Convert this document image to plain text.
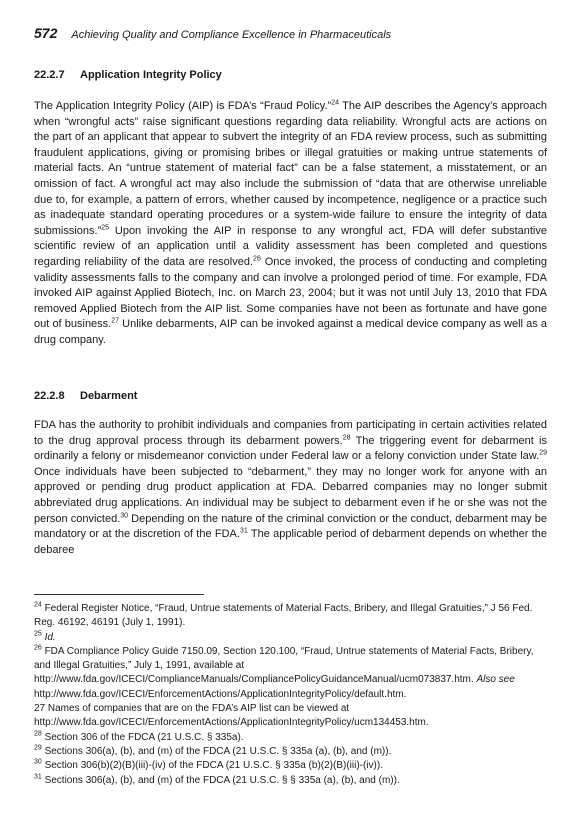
572 Achieving Quality and Compliance Excellence in Pharmaceuticals
22.2.7 Application Integrity Policy
The Application Integrity Policy (AIP) is FDA’s “Fraud Policy.”$^{24}$ The AIP describes the Agency’s approach when “wrongful acts” raise significant questions regarding data reliability. Wrongful acts are actions on the part of an applicant that appear to subvert the integrity of an FDA review process, such as submitting fraudulent applications, giving or promising bribes or illegal gratuities or making untrue statements of material facts. An “untrue statement of material fact” can be a false statement, a misstatement, or an omission of fact. A wrongful act may also include the submission of “data that are otherwise unreliable due to, for example, a pattern of errors, whether caused by incompetence, negligence or a practice such as inadequate standard operating procedures or a system-wide failure to ensure the integrity of data submissions.”$^{25}$ Upon invoking the AIP in response to any wrongful act, FDA will defer substantive scientific review of an application until a validity assessment has been completed and questions regarding reliability of the data are resolved.$^{26}$ Once invoked, the process of conducting and completing validity assessments falls to the company and can involve a prolonged period of time. For example, FDA invoked AIP against Applied Biotech, Inc. on March 23, 2004; but it was not until July 13, 2010 that FDA removed Applied Biotech from the AIP list. Some companies have not been as fortunate and have gone out of business.$^{27}$ Unlike debarments, AIP can be invoked against a medical device company as well as a drug company.
22.2.8 Debarment
FDA has the authority to prohibit individuals and companies from participating in certain activities related to the drug approval process through its debarment powers.$^{28}$ The triggering event for debarment is ordinarily a felony or misdemeanor conviction under Federal law or a felony conviction under State law.$^{29}$ Once individuals have been subjected to “debarment,” they may no longer work for anyone with an approved or pending drug product application at FDA. Debarred companies may no longer submit abbreviated drug applications. An individual may be subject to debarment even if he or she was not the person convicted.$^{30}$ Depending on the nature of the criminal conviction or the conduct, debarment may be mandatory or at the discretion of the FDA.$^{31}$ The applicable period of debarment depends on whether the debaree

$^{24}$ Federal Register Notice, “Fraud, Untrue statements of Material Facts, Bribery, and Illegal Gratuities,” J 56 Fed. Reg. 46192, 46191 (July 1, 1991).

$^{25}$ Id.

$^{26}$ FDA Compliance Policy Guide 7150.09, Section 120.100, “Fraud, Untrue statements of Material Facts, Bribery, and Illegal Gratuities,” July 1, 1991, available at http://www.fda.gov/ICECI/ComplianceManuals/CompliancePolicyGuidanceManual/ucm073837.htm. Also see http://www.fda.gov/ICECI/EnforcementActions/ApplicationIntegrityPolicy/default.htm.

27 Names of companies that are on the FDA’s AIP list can be viewed at http://www.fda.gov/ICECI/EnforcementActions/ApplicationIntegrityPolicy/ucm134453.htm.

$^{28}$ Section 306 of the FDCA (21 U.S.C. § 335a).

$^{29}$ Sections 306(a), (b), and (m) of the FDCA (21 U.S.C. § 335a (a), (b), and (m)).

$^{30}$ Section 306(b)(2)(B)(iii)-(iv) of the FDCA (21 U.S.C. § 335a (b)(2)(B)(iii)-(iv)).

$^{31}$ Sections 306(a), (b), and (m) of the FDCA (21 U.S.C. § § 335a (a), (b), and (m)).
